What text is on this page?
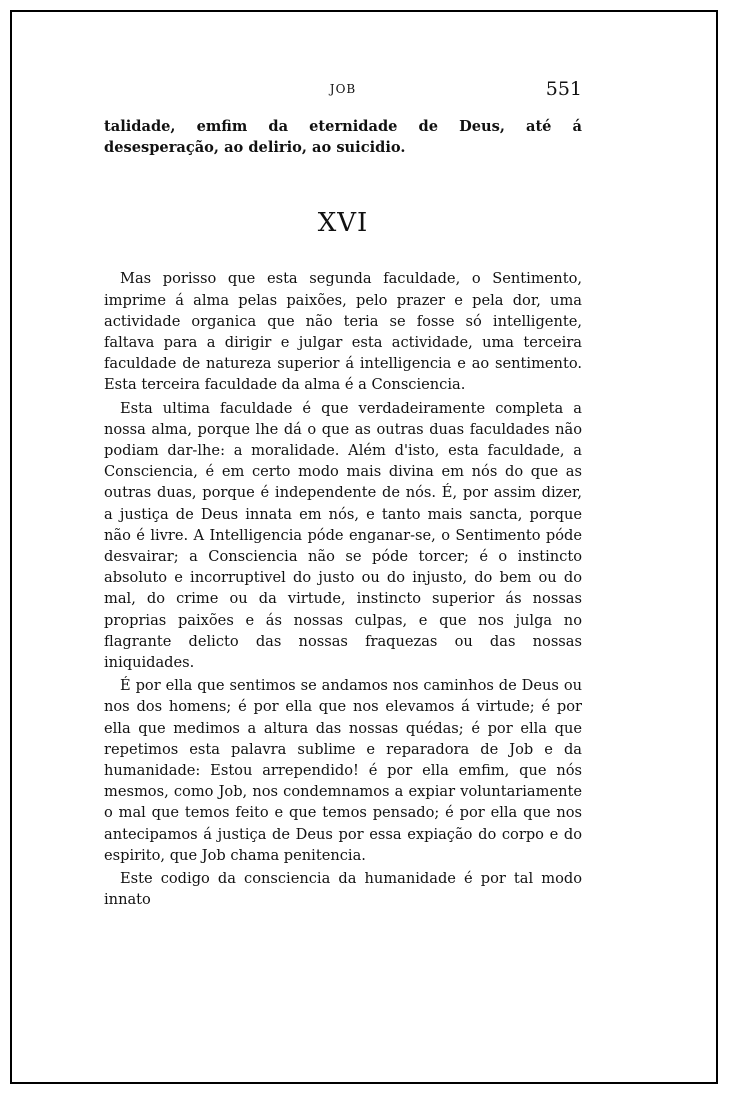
JOB	551

talidade, emfim da eternidade de Deus, até á desesperação, ao delirio, ao suicidio.

XVI

Mas porisso que esta segunda faculdade, o Sentimento, imprime á alma pelas paixões, pelo prazer e pela dor, uma actividade organica que não teria se fosse só intelligente, faltava para a dirigir e julgar esta actividade, uma terceira faculdade de natureza superior á intelligencia e ao sentimento. Esta terceira faculdade da alma é a Consciencia.

Esta ultima faculdade é que verdadeiramente completa a nossa alma, porque lhe dá o que as outras duas faculdades não podiam dar-lhe: a moralidade. Além d'isto, esta faculdade, a Consciencia, é em certo modo mais divina em nós do que as outras duas, porque é independente de nós. É, por assim dizer, a justiça de Deus innata em nós, e tanto mais sancta, porque não é livre. A Intelligencia póde enganar-se, o Sentimento póde desvairar; a Consciencia não se póde torcer; é o instincto absoluto e incorruptivel do justo ou do injusto, do bem ou do mal, do crime ou da virtude, instincto superior ás nossas proprias paixões e ás nossas culpas, e que nos julga no flagrante delicto das nossas fraquezas ou das nossas iniquidades.

É por ella que sentimos se andamos nos caminhos de Deus ou nos dos homens; é por ella que nos elevamos á virtude; é por ella que medimos a altura das nossas quédas; é por ella que repetimos esta palavra sublime e reparadora de Job e da humanidade: Estou arrependido! é por ella emfim, que nós mesmos, como Job, nos condemnamos a expiar voluntariamente o mal que temos feito e que temos pensado; é por ella que nos antecipamos á justiça de Deus por essa expiação do corpo e do espirito, que Job chama penitencia.

Este codigo da consciencia da humanidade é por tal modo innato
